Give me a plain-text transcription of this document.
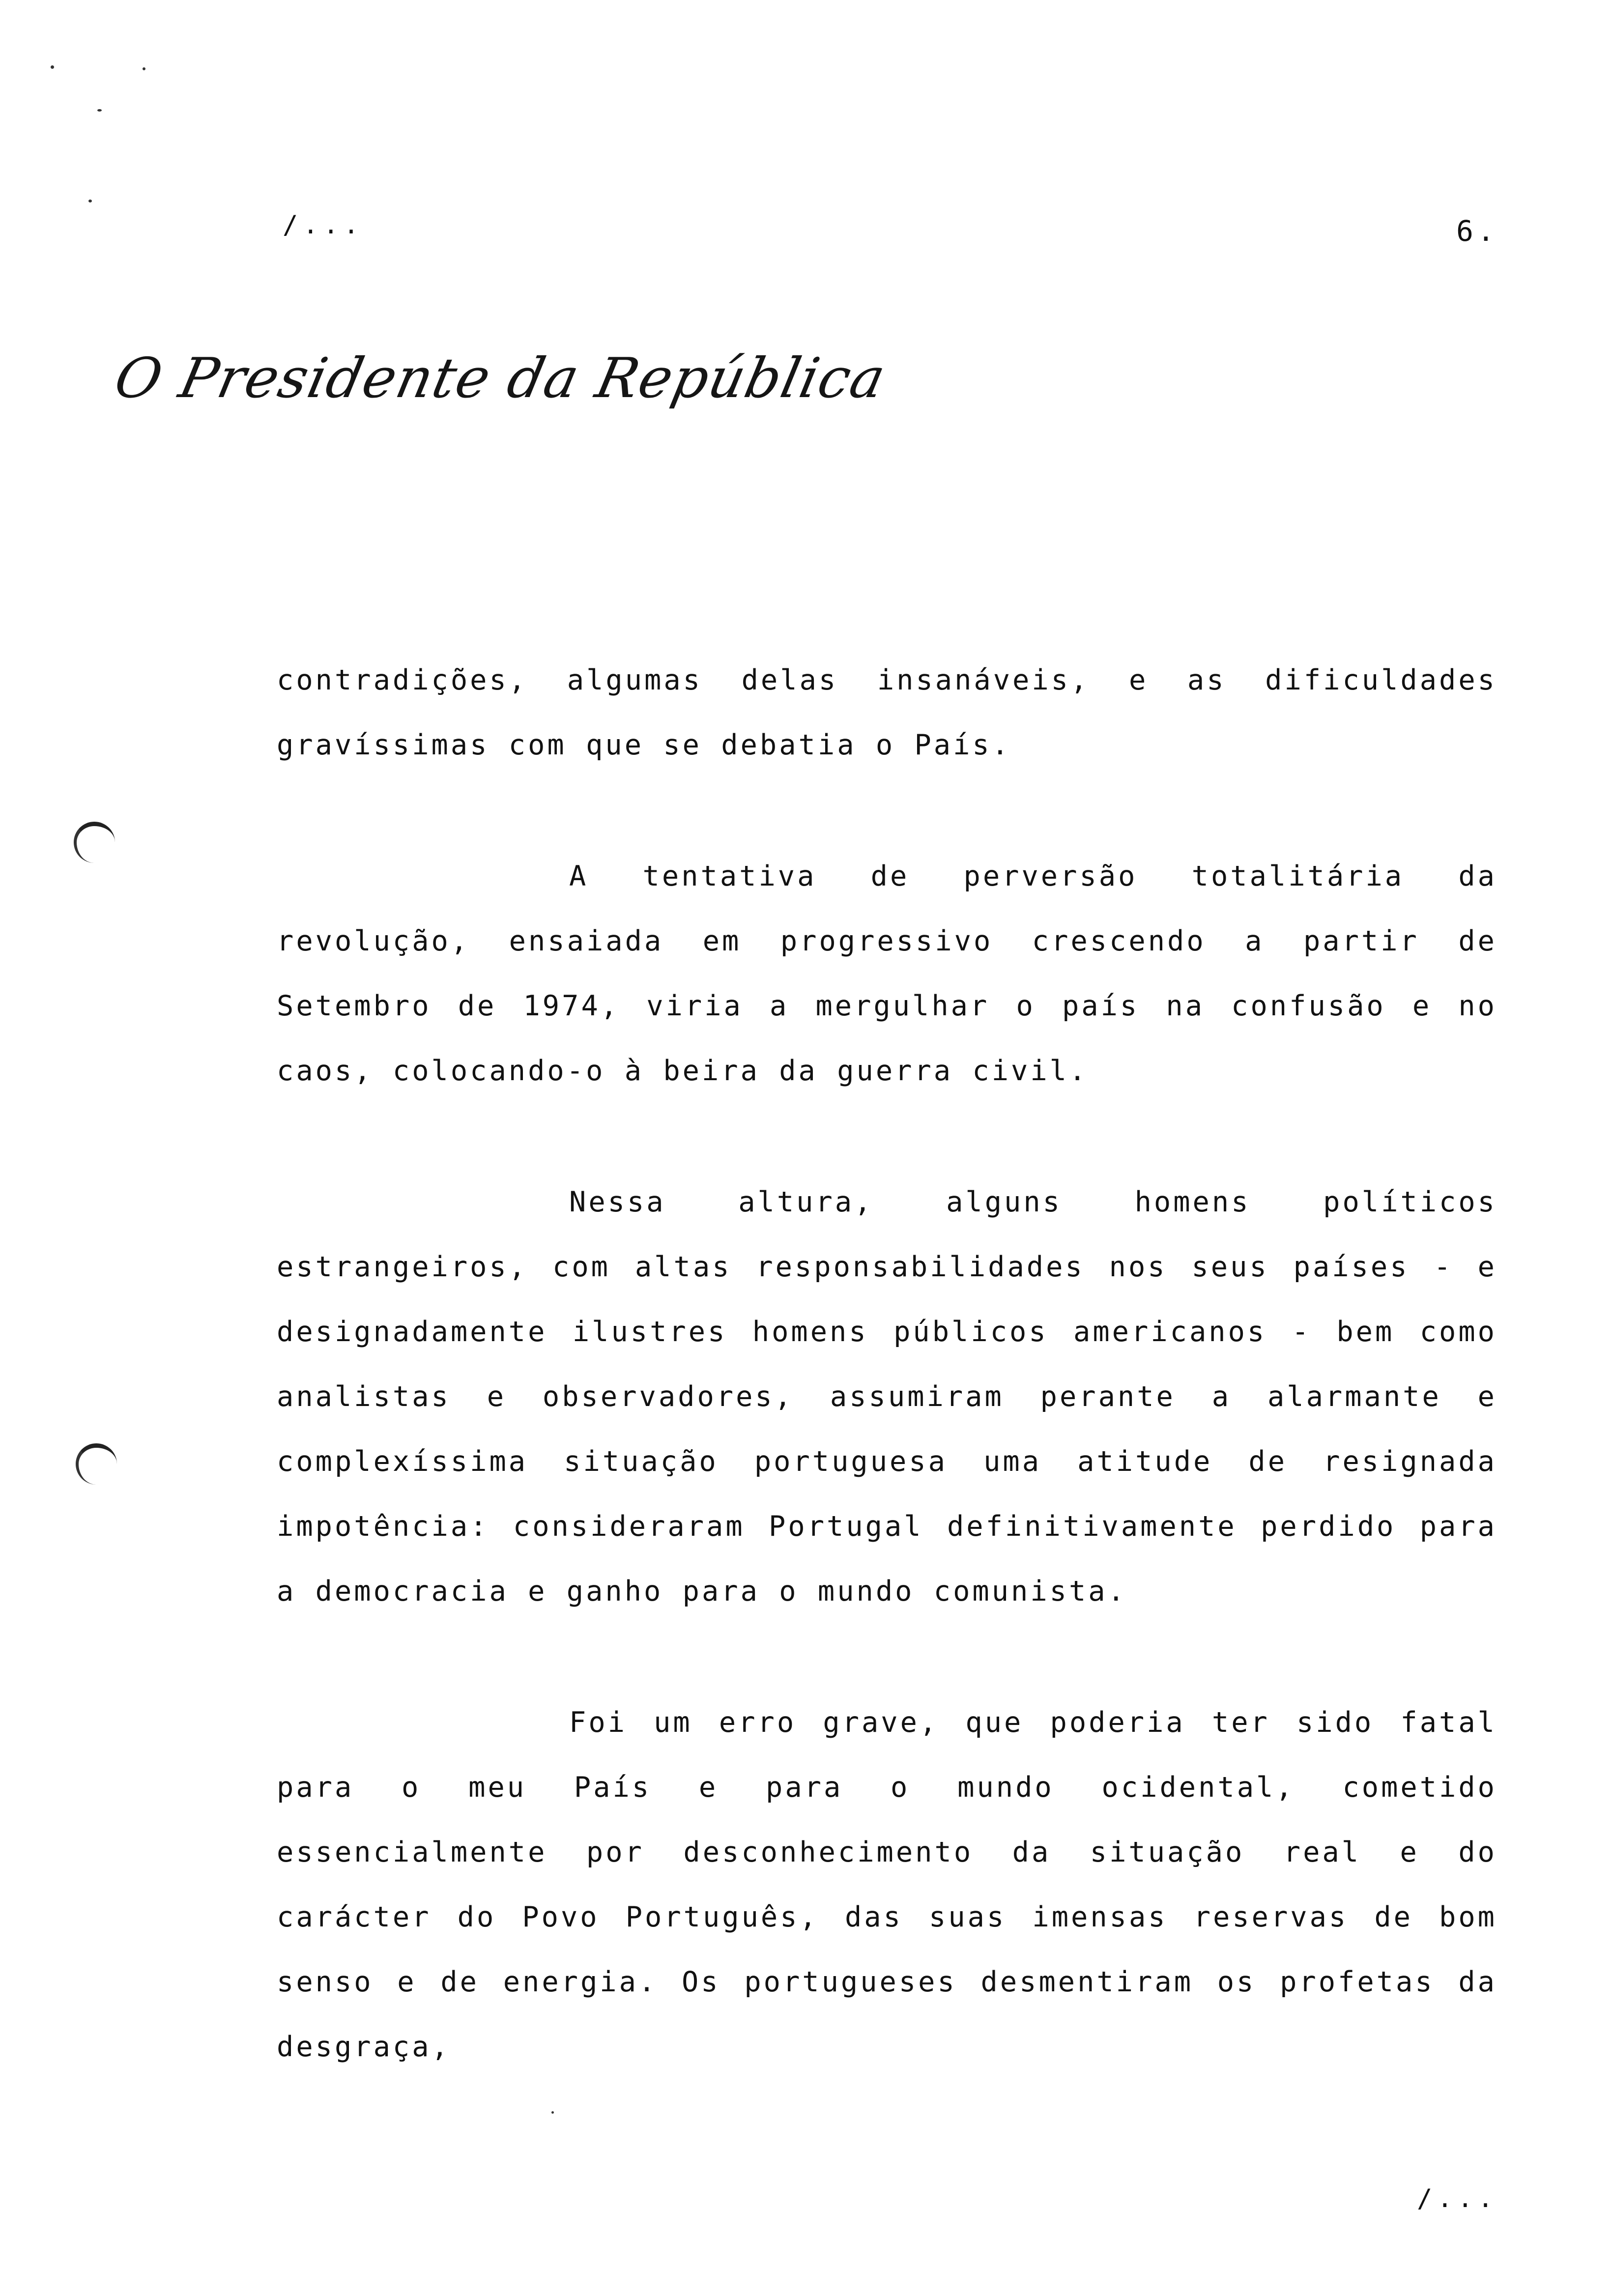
/...	6.
O Presidente da República

contradições, algumas delas insanáveis, e as dificuldades gravíssimas com que se debatia o País.

A tentativa de perversão totalitária da revolução, ensaiada em progressivo crescendo a partir de Setembro de 1974, viria a mergulhar o país na confusão e no caos, colocando-o à beira da guerra civil.

Nessa altura, alguns homens políticos estrangeiros, com altas responsabilidades nos seus países - e designadamente ilustres homens públicos americanos - bem como analistas e observadores, assumiram perante a alarmante e complexíssima situação portuguesa uma atitude de resignada impotência: consideraram Portugal definitivamente perdido para a democracia e ganho para o mundo comunista.

Foi um erro grave, que poderia ter sido fatal para o meu País e para o mundo ocidental, cometido essencialmente por desconhecimento da situação real e do carácter do Povo Português, das suas imensas reservas de bom senso e de energia. Os portugueses desmentiram os profetas da desgraça,

/...
